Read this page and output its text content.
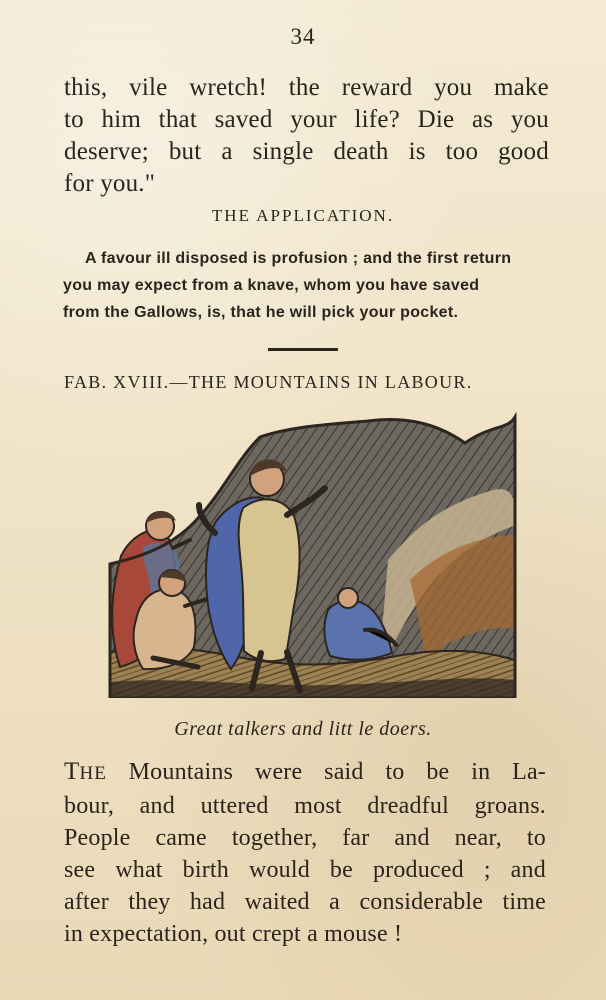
34
this, vile wretch! the reward you make
to him that saved your life? Die as you
deserve; but a single death is too good
for you."
THE APPLICATION.
A favour ill disposed is profusion ; and the first return
you may expect from a knave, whom you have saved
from the Gallows, is, that he will pick your pocket.
FAB. XVIII.—THE MOUNTAINS IN LABOUR.
Great talkers and litt le doers.
THE Mountains were said to be in La-
bour, and uttered most dreadful groans.
People came together, far and near, to
see what birth would be produced ; and
after they had waited a considerable time
in expectation, out crept a mouse !
